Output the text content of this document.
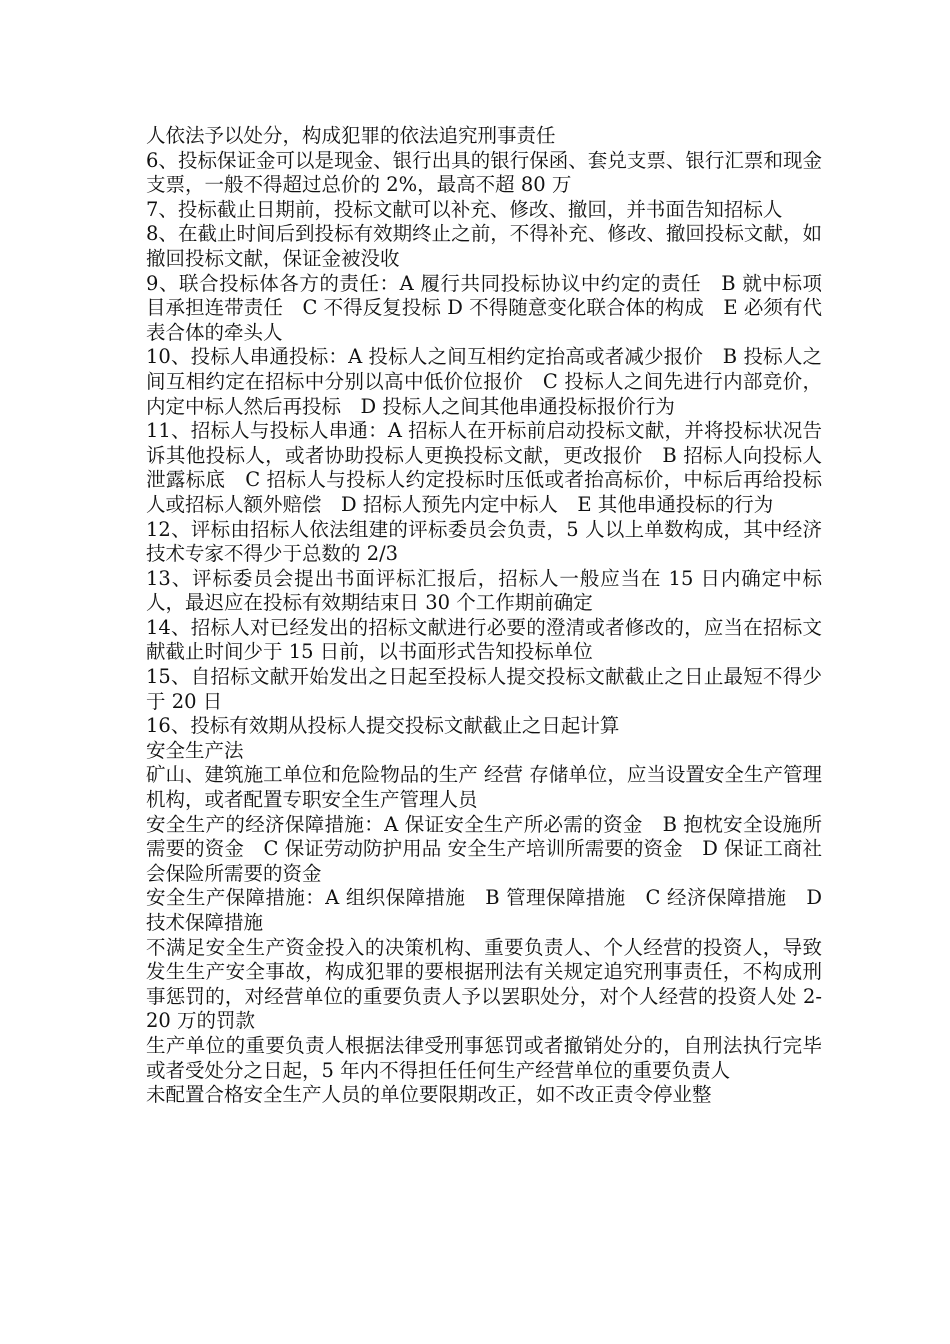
人依法予以处分，构成犯罪的依法追究刑事责任

6、投标保证金可以是现金、银行出具的银行保函、套兑支票、银行汇票和现金支票，一般不得超过总价的 2%，最高不超 80 万

7、投标截止日期前，投标文献可以补充、修改、撤回，并书面告知招标人

8、在截止时间后到投标有效期终止之前，不得补充、修改、撤回投标文献，如撤回投标文献，保证金被没收

9、联合投标体各方的责任：A 履行共同投标协议中约定的责任　B 就中标项目承担连带责任　C 不得反复投标 D 不得随意变化联合体的构成　E 必须有代表合体的牵头人

10、投标人串通投标：A 投标人之间互相约定抬高或者减少报价　B 投标人之间互相约定在招标中分别以高中低价位报价　C 投标人之间先进行内部竞价，内定中标人然后再投标　D 投标人之间其他串通投标报价行为

11、招标人与投标人串通：A 招标人在开标前启动投标文献，并将投标状况告诉其他投标人，或者协助投标人更换投标文献，更改报价　B 招标人向投标人泄露标底　C 招标人与投标人约定投标时压低或者抬高标价，中标后再给投标人或招标人额外赔偿　D 招标人预先内定中标人　E 其他串通投标的行为

12、评标由招标人依法组建的评标委员会负责，5 人以上单数构成，其中经济技术专家不得少于总数的 2/3

13、评标委员会提出书面评标汇报后，招标人一般应当在 15 日内确定中标人，最迟应在投标有效期结束日 30 个工作期前确定

14、招标人对已经发出的招标文献进行必要的澄清或者修改的，应当在招标文献截止时间少于 15 日前，以书面形式告知投标单位

15、自招标文献开始发出之日起至投标人提交投标文献截止之日止最短不得少于 20 日

16、投标有效期从投标人提交投标文献截止之日起计算

安全生产法

矿山、建筑施工单位和危险物品的生产 经营 存储单位，应当设置安全生产管理机构，或者配置专职安全生产管理人员

安全生产的经济保障措施：A 保证安全生产所必需的资金　B 抱枕安全设施所需要的资金　C 保证劳动防护用品 安全生产培训所需要的资金　D 保证工商社会保险所需要的资金

安全生产保障措施：A 组织保障措施　B 管理保障措施　C 经济保障措施　D 技术保障措施

不满足安全生产资金投入的决策机构、重要负责人、个人经营的投资人，导致发生生产安全事故，构成犯罪的要根据刑法有关规定追究刑事责任，不构成刑事惩罚的，对经营单位的重要负责人予以罢职处分，对个人经营的投资人处 2-20 万的罚款

生产单位的重要负责人根据法律受刑事惩罚或者撤销处分的，自刑法执行完毕或者受处分之日起，5 年内不得担任任何生产经营单位的重要负责人

未配置合格安全生产人员的单位要限期改正，如不改正责令停业整
